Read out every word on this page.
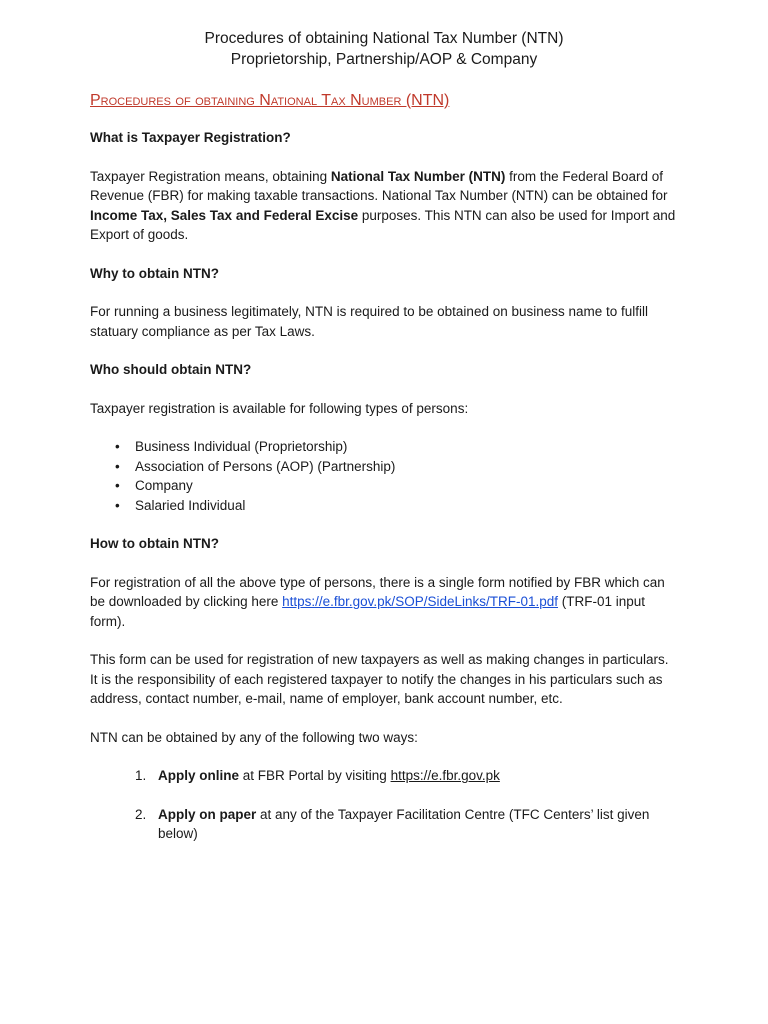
Procedures of obtaining National Tax Number (NTN)
Proprietorship, Partnership/AOP & Company
Procedures of obtaining National Tax Number (NTN)
What is Taxpayer Registration?

Taxpayer Registration means, obtaining National Tax Number (NTN) from the Federal Board of Revenue (FBR) for making taxable transactions. National Tax Number (NTN) can be obtained for Income Tax, Sales Tax and Federal Excise purposes. This NTN can also be used for Import and Export of goods.

Why to obtain NTN?

For running a business legitimately, NTN is required to be obtained on business name to fulfill statuary compliance as per Tax Laws.

Who should obtain NTN?

Taxpayer registration is available for following types of persons:

• Business Individual (Proprietorship)
• Association of Persons (AOP) (Partnership)
• Company
• Salaried Individual
How to obtain NTN?

For registration of all the above type of persons, there is a single form notified by FBR which can be downloaded by clicking here https://e.fbr.gov.pk/SOP/SideLinks/TRF-01.pdf (TRF-01 input form).

This form can be used for registration of new taxpayers as well as making changes in particulars. It is the responsibility of each registered taxpayer to notify the changes in his particulars such as address, contact number, e-mail, name of employer, bank account number, etc.

NTN can be obtained by any of the following two ways:

1. Apply online at FBR Portal by visiting https://e.fbr.gov.pk
2. Apply on paper at any of the Taxpayer Facilitation Centre (TFC Centers’ list given below)
